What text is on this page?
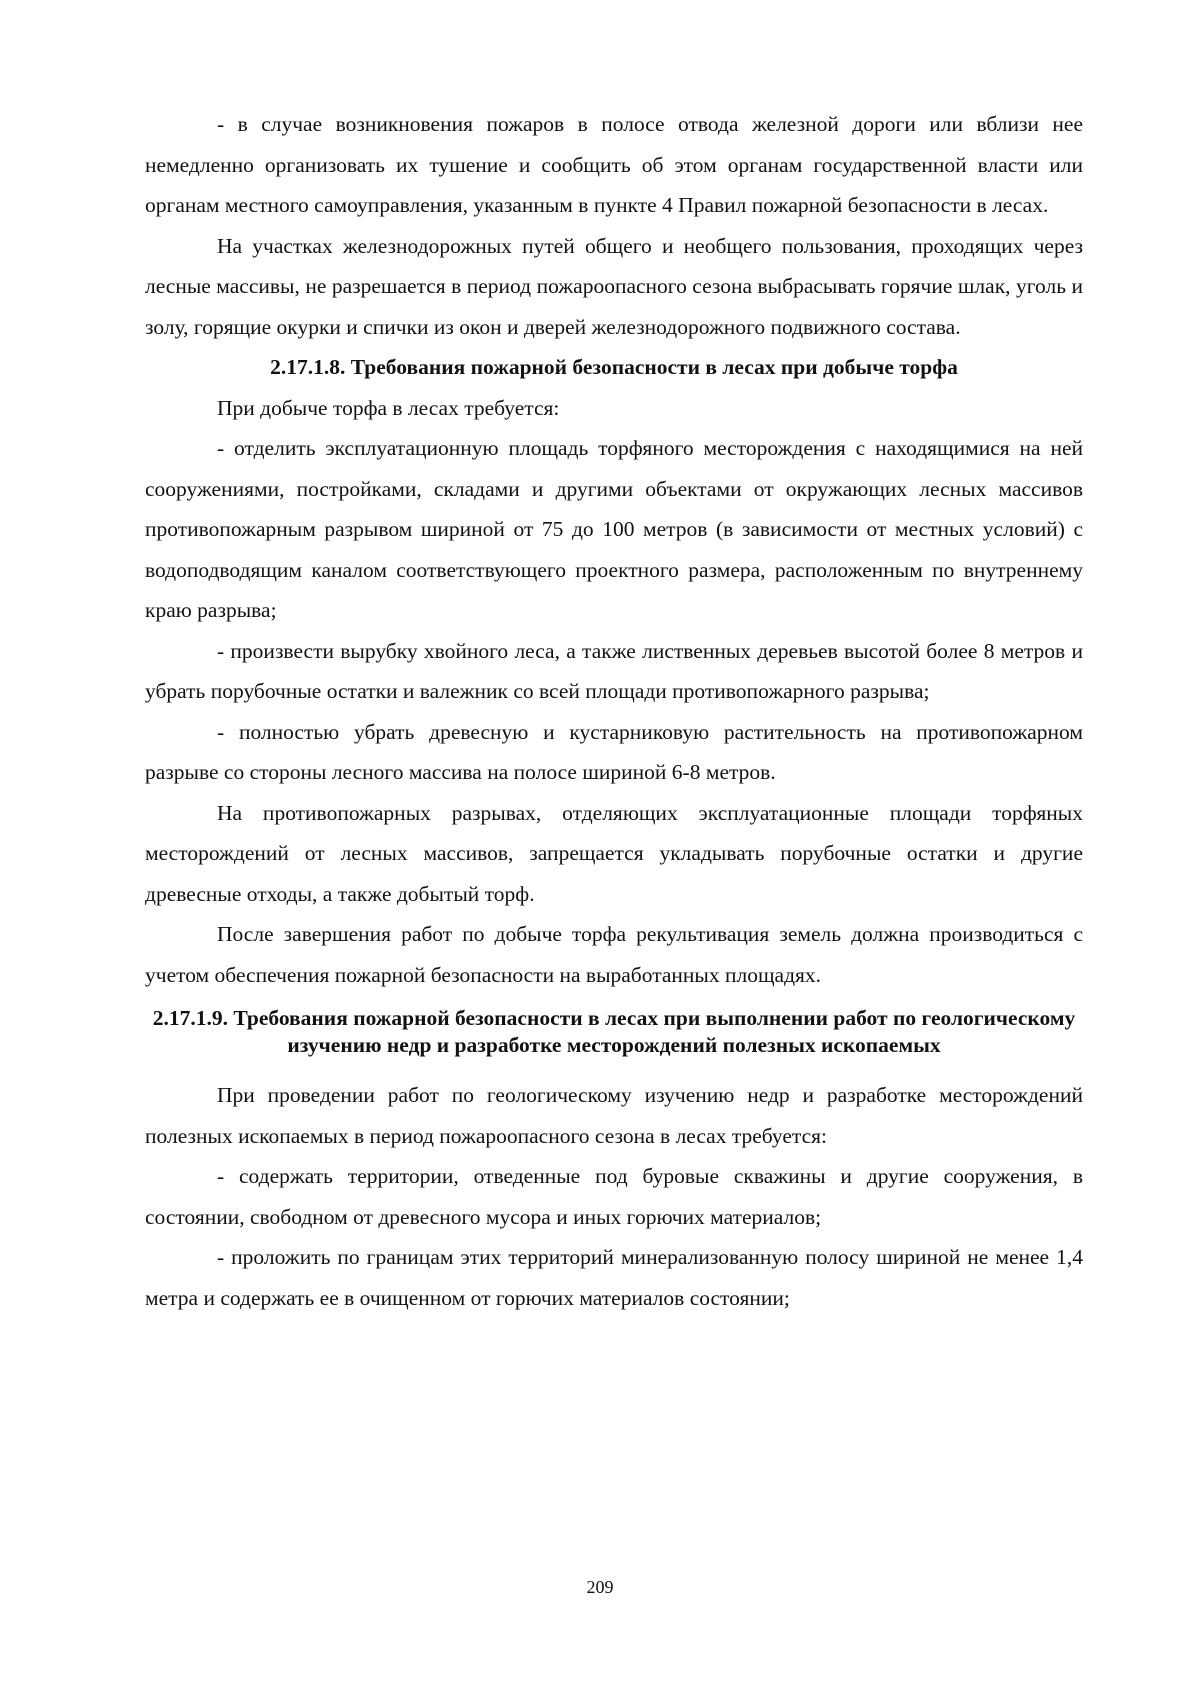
- в случае возникновения пожаров в полосе отвода железной дороги или вблизи нее немедленно организовать их тушение и сообщить об этом органам государственной власти или органам местного самоуправления, указанным в пункте 4 Правил пожарной безопасности в лесах.

На участках железнодорожных путей общего и необщего пользования, проходящих через лесные массивы, не разрешается в период пожароопасного сезона выбрасывать горячие шлак, уголь и золу, горящие окурки и спички из окон и дверей железнодорожного подвижного состава.

2.17.1.8. Требования пожарной безопасности в лесах при добыче торфа

При добыче торфа в лесах требуется:

- отделить эксплуатационную площадь торфяного месторождения с находящимися на ней сооружениями, постройками, складами и другими объектами от окружающих лесных массивов противопожарным разрывом шириной от 75 до 100 метров (в зависимости от местных условий) с водоподводящим каналом соответствующего проектного размера, расположенным по внутреннему краю разрыва;

- произвести вырубку хвойного леса, а также лиственных деревьев высотой более 8 метров и убрать порубочные остатки и валежник со всей площади противопожарного разрыва;

- полностью убрать древесную и кустарниковую растительность на противопожарном разрыве со стороны лесного массива на полосе шириной 6-8 метров.

На противопожарных разрывах, отделяющих эксплуатационные площади торфяных месторождений от лесных массивов, запрещается укладывать порубочные остатки и другие древесные отходы, а также добытый торф.

После завершения работ по добыче торфа рекультивация земель должна производиться с учетом обеспечения пожарной безопасности на выработанных площадях.

2.17.1.9. Требования пожарной безопасности в лесах при выполнении работ по геологическому изучению недр и разработке месторождений полезных ископаемых

При проведении работ по геологическому изучению недр и разработке месторождений полезных ископаемых в период пожароопасного сезона в лесах требуется:

- содержать территории, отведенные под буровые скважины и другие сооружения, в состоянии, свободном от древесного мусора и иных горючих материалов;

- проложить по границам этих территорий минерализованную полосу шириной не менее 1,4 метра и содержать ее в очищенном от горючих материалов состоянии;

209
